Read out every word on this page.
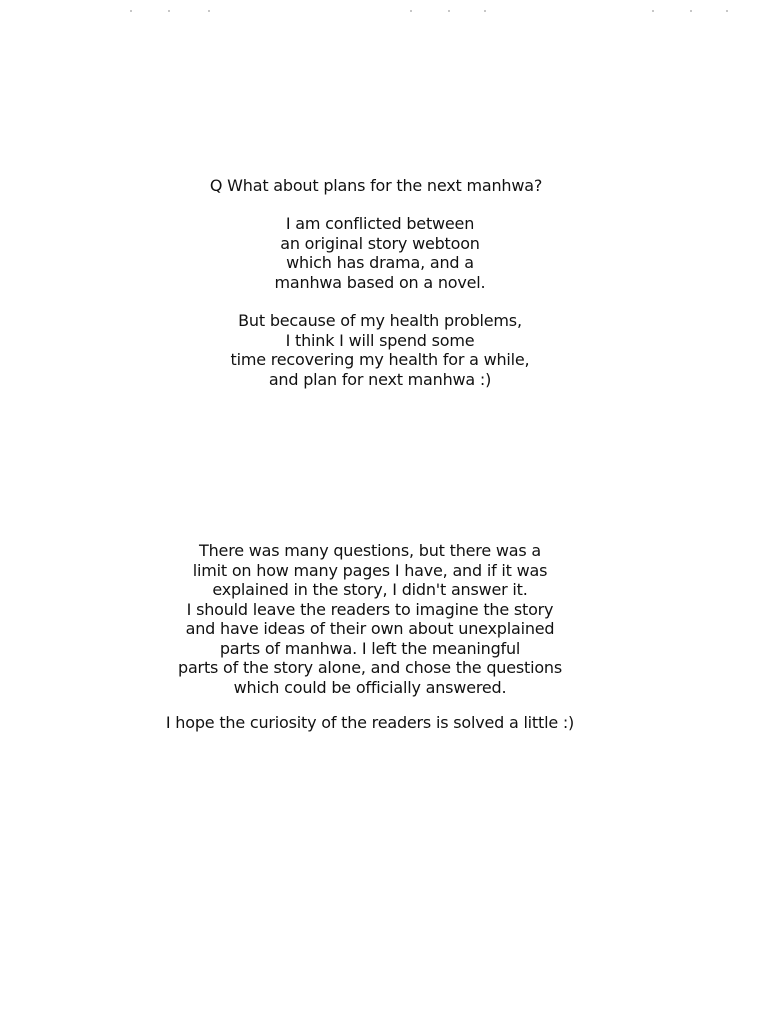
Q What about plans for the next manhwa?
I am conflicted between
an original story webtoon
which has drama, and a
manhwa based on a novel.
But because of my health problems,
I think I will spend some
time recovering my health for a while,
and plan for next manhwa :)
There was many questions, but there was a
limit on how many pages I have, and if it was
explained in the story, I didn't answer it.
I should leave the readers to imagine the story
and have ideas of their own about unexplained
parts of manhwa. I left the meaningful
parts of the story alone, and chose the questions
which could be officially answered.
I hope the curiosity of the readers is solved a little :)
